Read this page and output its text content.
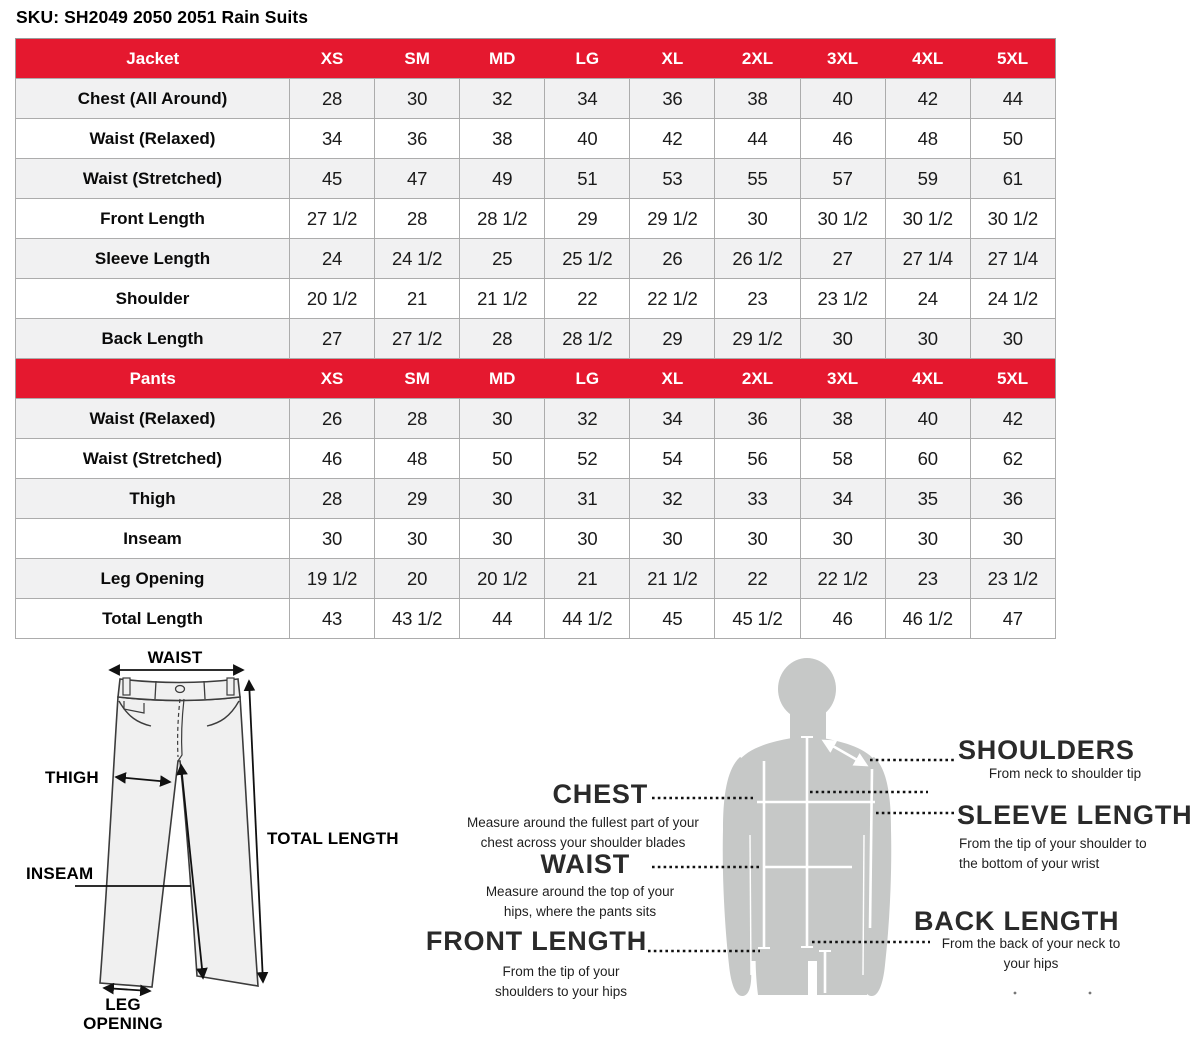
SKU: SH2049 2050 2051 Rain Suits
Jacket	XS	SM	MD	LG	XL	2XL	3XL	4XL	5XL
Chest (All Around)	28	30	32	34	36	38	40	42	44
Waist (Relaxed)	34	36	38	40	42	44	46	48	50
Waist (Stretched)	45	47	49	51	53	55	57	59	61
Front Length	27 1/2	28	28 1/2	29	29 1/2	30	30 1/2	30 1/2	30 1/2
Sleeve Length	24	24 1/2	25	25 1/2	26	26 1/2	27	27 1/4	27 1/4
Shoulder	20 1/2	21	21 1/2	22	22 1/2	23	23 1/2	24	24 1/2
Back Length	27	27 1/2	28	28 1/2	29	29 1/2	30	30	30
Pants	XS	SM	MD	LG	XL	2XL	3XL	4XL	5XL
Waist (Relaxed)	26	28	30	32	34	36	38	40	42
Waist (Stretched)	46	48	50	52	54	56	58	60	62
Thigh	28	29	30	31	32	33	34	35	36
Inseam	30	30	30	30	30	30	30	30	30
Leg Opening	19 1/2	20	20 1/2	21	21 1/2	22	22 1/2	23	23 1/2
Total Length	43	43 1/2	44	44 1/2	45	45 1/2	46	46 1/2	47
WAIST
THIGH
TOTAL LENGTH
INSEAM
LEG OPENING
CHEST
Measure around the fullest part of your chest across your shoulder blades
WAIST
Measure around the top of your hips, where the pants sits
FRONT LENGTH
From the tip of your shoulders to your hips
SHOULDERS
From neck to shoulder tip
SLEEVE LENGTH
From the tip of your shoulder to the bottom of your wrist
BACK LENGTH
From the back of your neck to your hips
